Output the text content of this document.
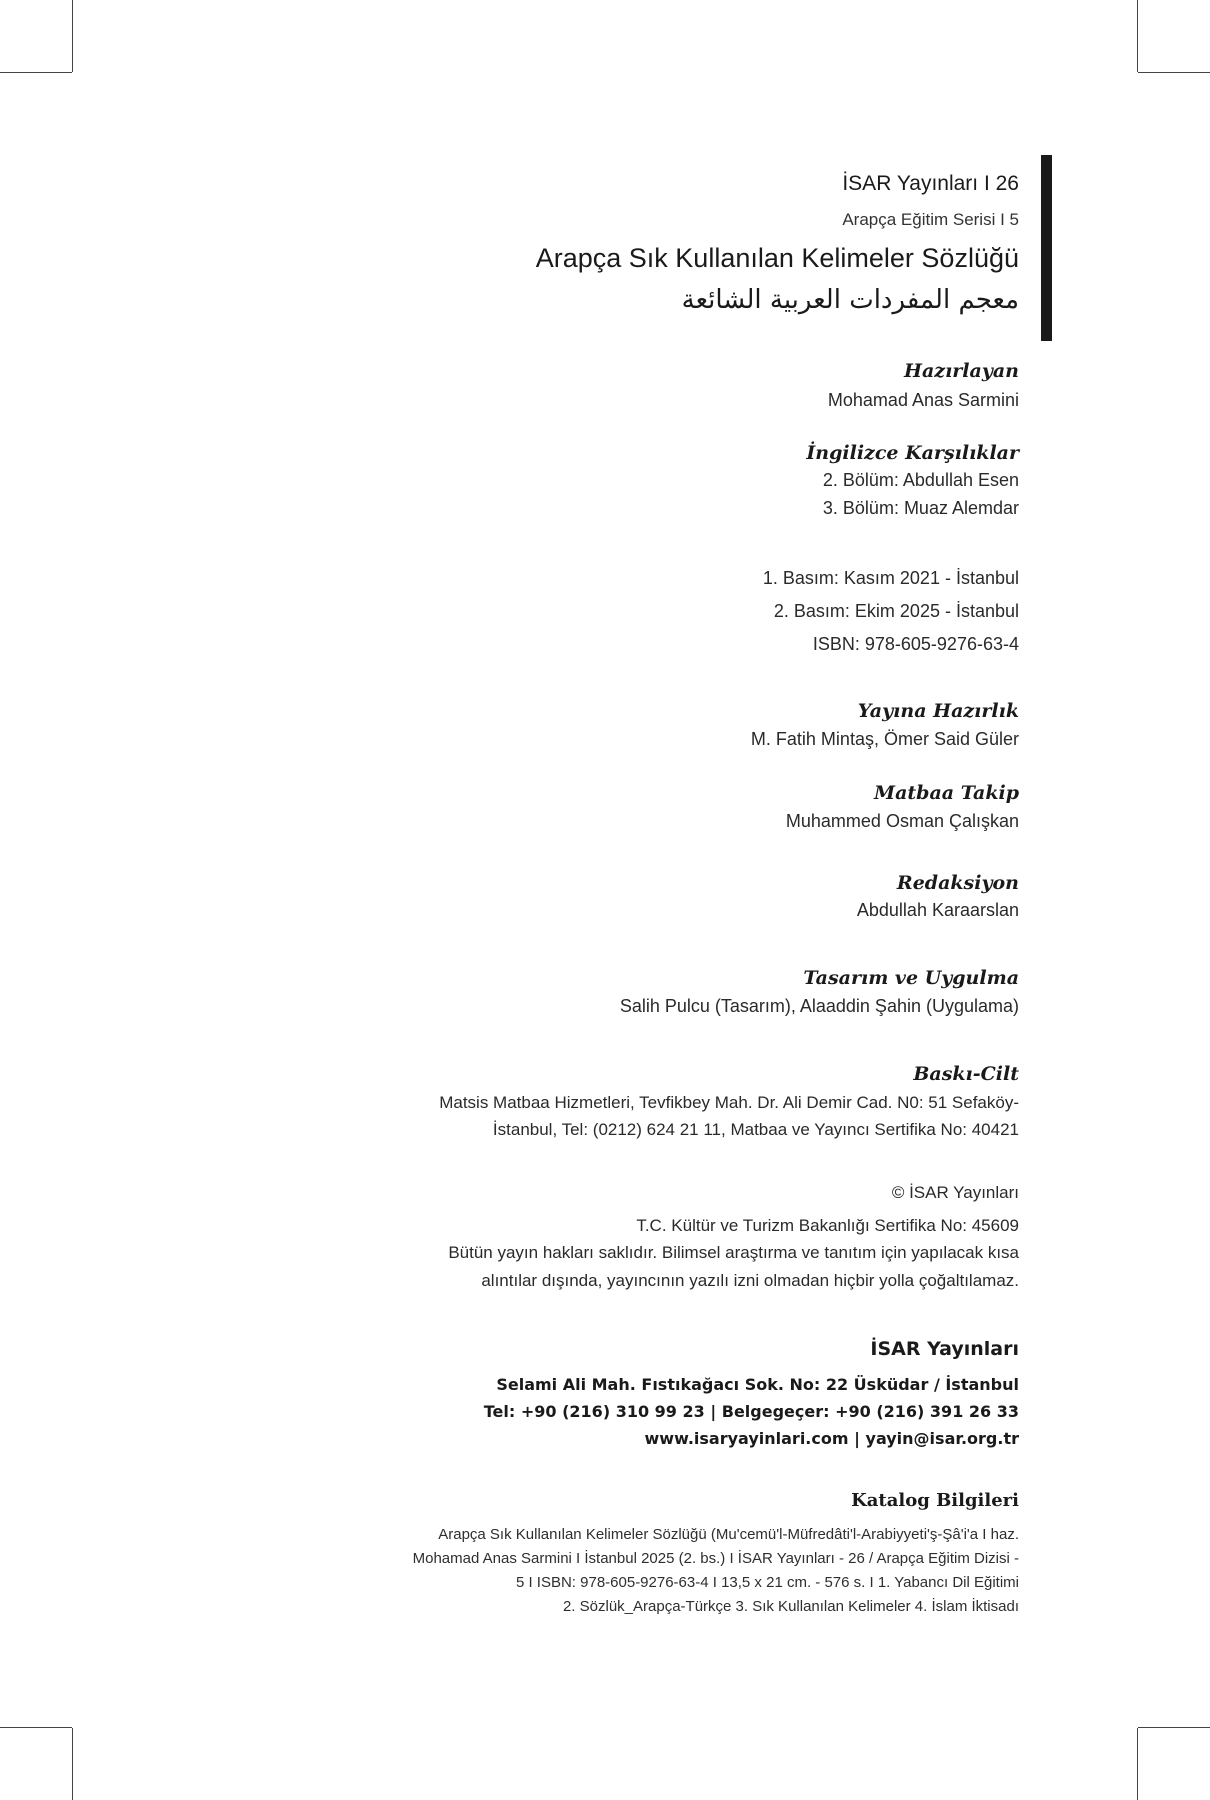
İSAR Yayınları I 26
Arapça Eğitim Serisi I 5
Arapça Sık Kullanılan Kelimeler Sözlüğü
معجم المفردات العربية الشائعة
Hazırlayan
Mohamad Anas Sarmini
İngilizce Karşılıklar
2. Bölüm: Abdullah Esen
3. Bölüm: Muaz Alemdar
1. Basım: Kasım 2021 - İstanbul
2. Basım: Ekim 2025 - İstanbul
ISBN: 978-605-9276-63-4
Yayına Hazırlık
M. Fatih Mintaş, Ömer Said Güler
Matbaa Takip
Muhammed Osman Çalışkan
Redaksiyon
Abdullah Karaarslan
Tasarım ve Uygulma
Salih Pulcu (Tasarım), Alaaddin Şahin (Uygulama)
Baskı-Cilt
Matsis Matbaa Hizmetleri, Tevfikbey Mah. Dr. Ali Demir Cad. N0: 51 Sefaköy-
İstanbul, Tel: (0212) 624 21 11, Matbaa ve Yayıncı Sertifika No: 40421
© İSAR Yayınları
T.C. Kültür ve Turizm Bakanlığı Sertifika No: 45609
Bütün yayın hakları saklıdır. Bilimsel araştırma ve tanıtım için yapılacak kısa
alıntılar dışında, yayıncının yazılı izni olmadan hiçbir yolla çoğaltılamaz.
İSAR Yayınları
Selami Ali Mah. Fıstıkağacı Sok. No: 22 Üsküdar / İstanbul
Tel: +90 (216) 310 99 23 | Belgegeçer: +90 (216) 391 26 33
www.isaryayinlari.com | yayin@isar.org.tr
Katalog Bilgileri
Arapça Sık Kullanılan Kelimeler Sözlüğü (Mu'cemü'l-Müfredâti'l-Arabiyyeti'ş-Şâ'i'a I haz.
Mohamad Anas Sarmini I İstanbul 2025 (2. bs.) I İSAR Yayınları - 26 / Arapça Eğitim Dizisi -
5 I ISBN: 978-605-9276-63-4 I 13,5 x 21 cm. - 576 s. I 1. Yabancı Dil Eğitimi
2. Sözlük_Arapça-Türkçe 3. Sık Kullanılan Kelimeler 4. İslam İktisadı
